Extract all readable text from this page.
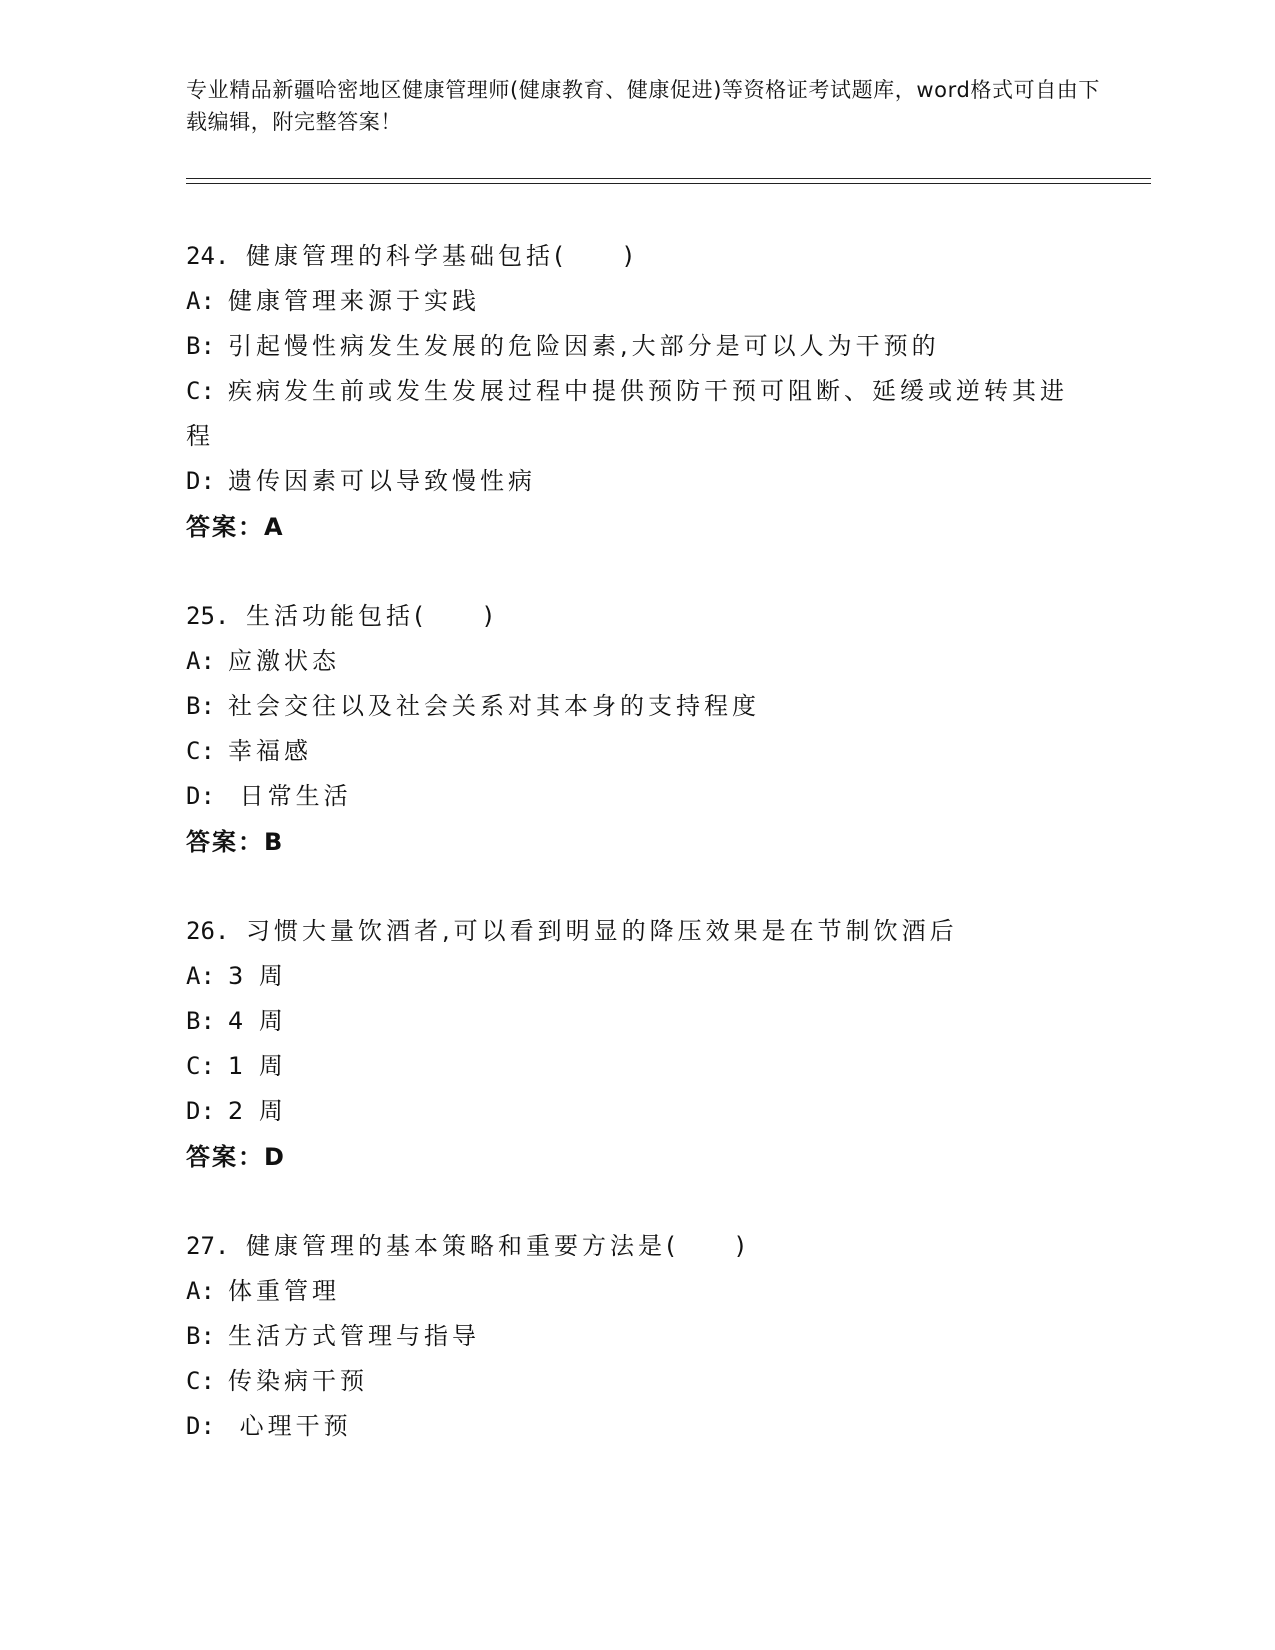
专业精品新疆哈密地区健康管理师(健康教育、健康促进)等资格证考试题库，word格式可自由下载编辑，附完整答案！
24. 健康管理的科学基础包括(　　)
A: 健康管理来源于实践
B: 引起慢性病发生发展的危险因素,大部分是可以人为干预的
C: 疾病发生前或发生发展过程中提供预防干预可阻断、延缓或逆转其进程
D: 遗传因素可以导致慢性病
答案：A
25. 生活功能包括(　　)
A: 应激状态
B: 社会交往以及社会关系对其本身的支持程度
C: 幸福感
D: 日常生活
答案：B
26. 习惯大量饮酒者,可以看到明显的降压效果是在节制饮酒后
A: 3 周
B: 4 周
C: 1 周
D: 2 周
答案：D
27. 健康管理的基本策略和重要方法是(　　)
A: 体重管理
B: 生活方式管理与指导
C: 传染病干预
D: 心理干预
